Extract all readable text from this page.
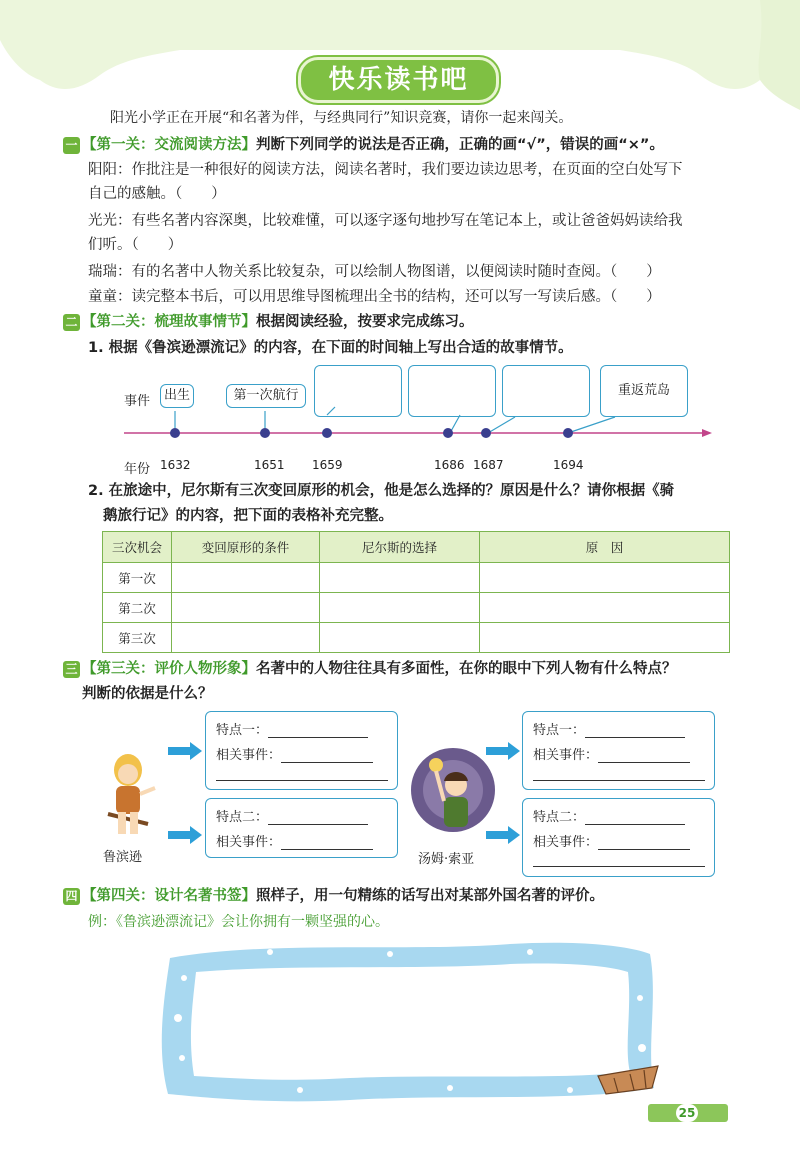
快乐读书吧
阳光小学正在开展“和名著为伴，与经典同行”知识竞赛，请你一起来闯关。
一 【第一关：交流阅读方法】判断下列同学的说法是否正确，正确的画“√”，错误的画“×”。
阳阳：作批注是一种很好的阅读方法，阅读名著时，我们要边读边思考，在页面的空白处写下
自己的感触。（　　）
光光：有些名著内容深奥，比较难懂，可以逐字逐句地抄写在笔记本上，或让爸爸妈妈读给我
们听。（　　）
瑞瑞：有的名著中人物关系比较复杂，可以绘制人物图谱，以便阅读时随时查阅。（　　）
童童：读完整本书后，可以用思维导图梳理出全书的结构，还可以写一写读后感。（　　）
二 【第二关：梳理故事情节】根据阅读经验，按要求完成练习。
1. 根据《鲁滨逊漂流记》的内容，在下面的时间轴上写出合适的故事情节。
事件
年份
出生	第一次航行	重返荒岛
1632	1651 1659	1686 1687	1694
2. 在旅途中，尼尔斯有三次变回原形的机会，他是怎么选择的？原因是什么？请你根据《骑
鹅旅行记》的内容，把下面的表格补充完整。
三次机会	变回原形的条件	尼尔斯的选择	原　因
第一次			
第二次			
第三次			
三 【第三关：评价人物形象】名著中的人物往往具有多面性，在你的眼中下列人物有什么特点？
判断的依据是什么？
鲁滨逊	汤姆·索亚
特点一：
相关事件：
特点二：
相关事件：
特点一：
相关事件：
特点二：
相关事件：
四 【第四关：设计名著书签】照样子，用一句精练的话写出对某部外国名著的评价。
例：《鲁滨逊漂流记》会让你拥有一颗坚强的心。
25
